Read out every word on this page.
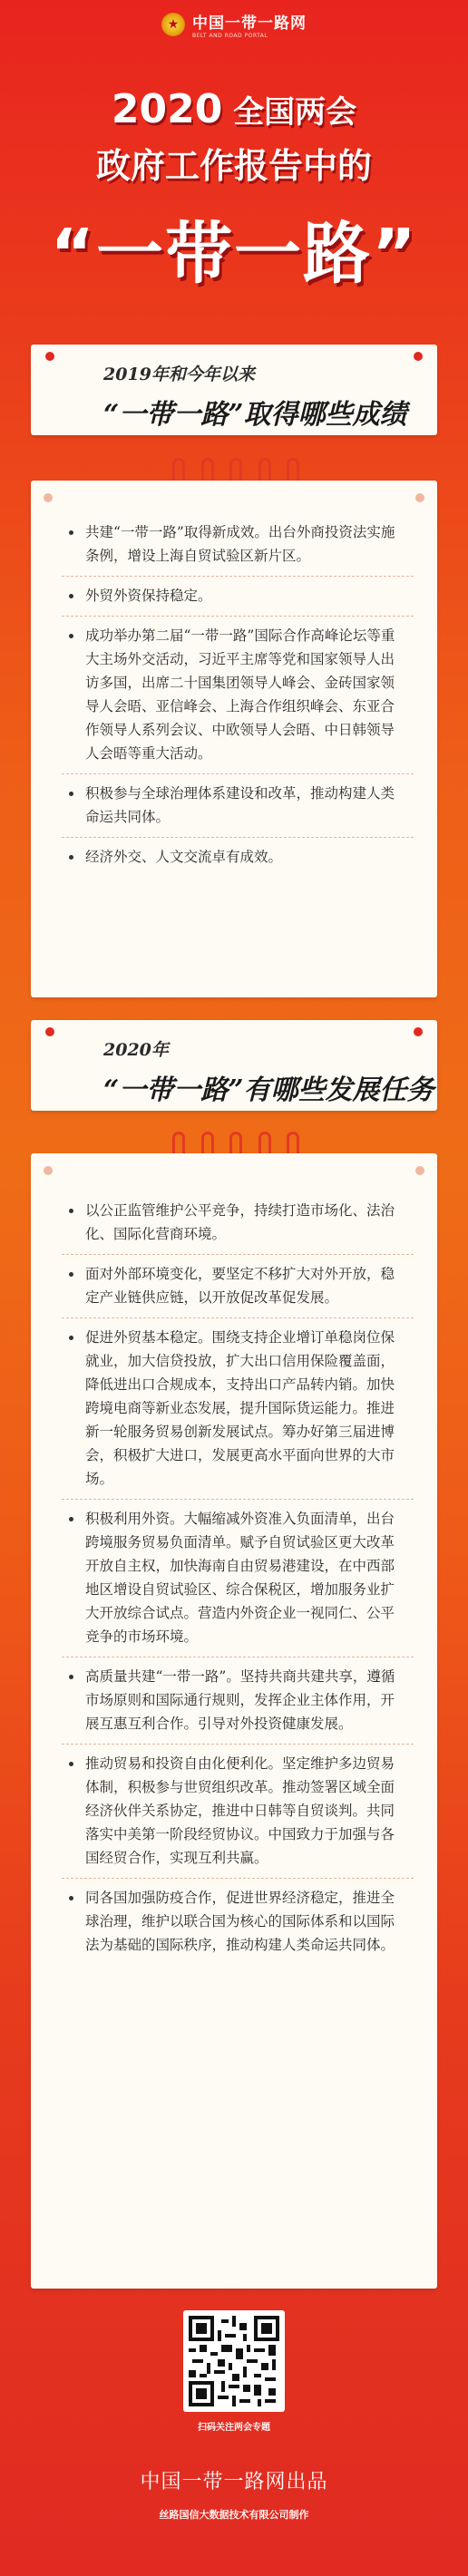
★ 中国一带一路网
BELT AND ROAD PORTAL
2020 全国两会
政府工作报告中的
“一带一路”
2019年和今年以来
“一带一路”取得哪些成绩
共建“一带一路”取得新成效。出台外商投资法实施条例，增设上海自贸试验区新片区。
外贸外资保持稳定。
成功举办第二届“一带一路”国际合作高峰论坛等重大主场外交活动，习近平主席等党和国家领导人出访多国，出席二十国集团领导人峰会、金砖国家领导人会晤、亚信峰会、上海合作组织峰会、东亚合作领导人系列会议、中欧领导人会晤、中日韩领导人会晤等重大活动。
积极参与全球治理体系建设和改革，推动构建人类命运共同体。
经济外交、人文交流卓有成效。
2020年
“一带一路”有哪些发展任务
以公正监管维护公平竞争，持续打造市场化、法治化、国际化营商环境。
面对外部环境变化，要坚定不移扩大对外开放，稳定产业链供应链，以开放促改革促发展。
促进外贸基本稳定。围绕支持企业增订单稳岗位保就业，加大信贷投放，扩大出口信用保险覆盖面，降低进出口合规成本，支持出口产品转内销。加快跨境电商等新业态发展，提升国际货运能力。推进新一轮服务贸易创新发展试点。筹办好第三届进博会，积极扩大进口，发展更高水平面向世界的大市场。
积极利用外资。大幅缩减外资准入负面清单，出台跨境服务贸易负面清单。赋予自贸试验区更大改革开放自主权，加快海南自由贸易港建设，在中西部地区增设自贸试验区、综合保税区，增加服务业扩大开放综合试点。营造内外资企业一视同仁、公平竞争的市场环境。
高质量共建“一带一路”。坚持共商共建共享，遵循市场原则和国际通行规则，发挥企业主体作用，开展互惠互利合作。引导对外投资健康发展。
推动贸易和投资自由化便利化。坚定维护多边贸易体制，积极参与世贸组织改革。推动签署区域全面经济伙伴关系协定，推进中日韩等自贸谈判。共同落实中美第一阶段经贸协议。中国致力于加强与各国经贸合作，实现互利共赢。
同各国加强防疫合作，促进世界经济稳定，推进全球治理，维护以联合国为核心的国际体系和以国际法为基础的国际秩序，推动构建人类命运共同体。
扫码关注两会专题
中国一带一路网出品
丝路国信大数据技术有限公司制作
